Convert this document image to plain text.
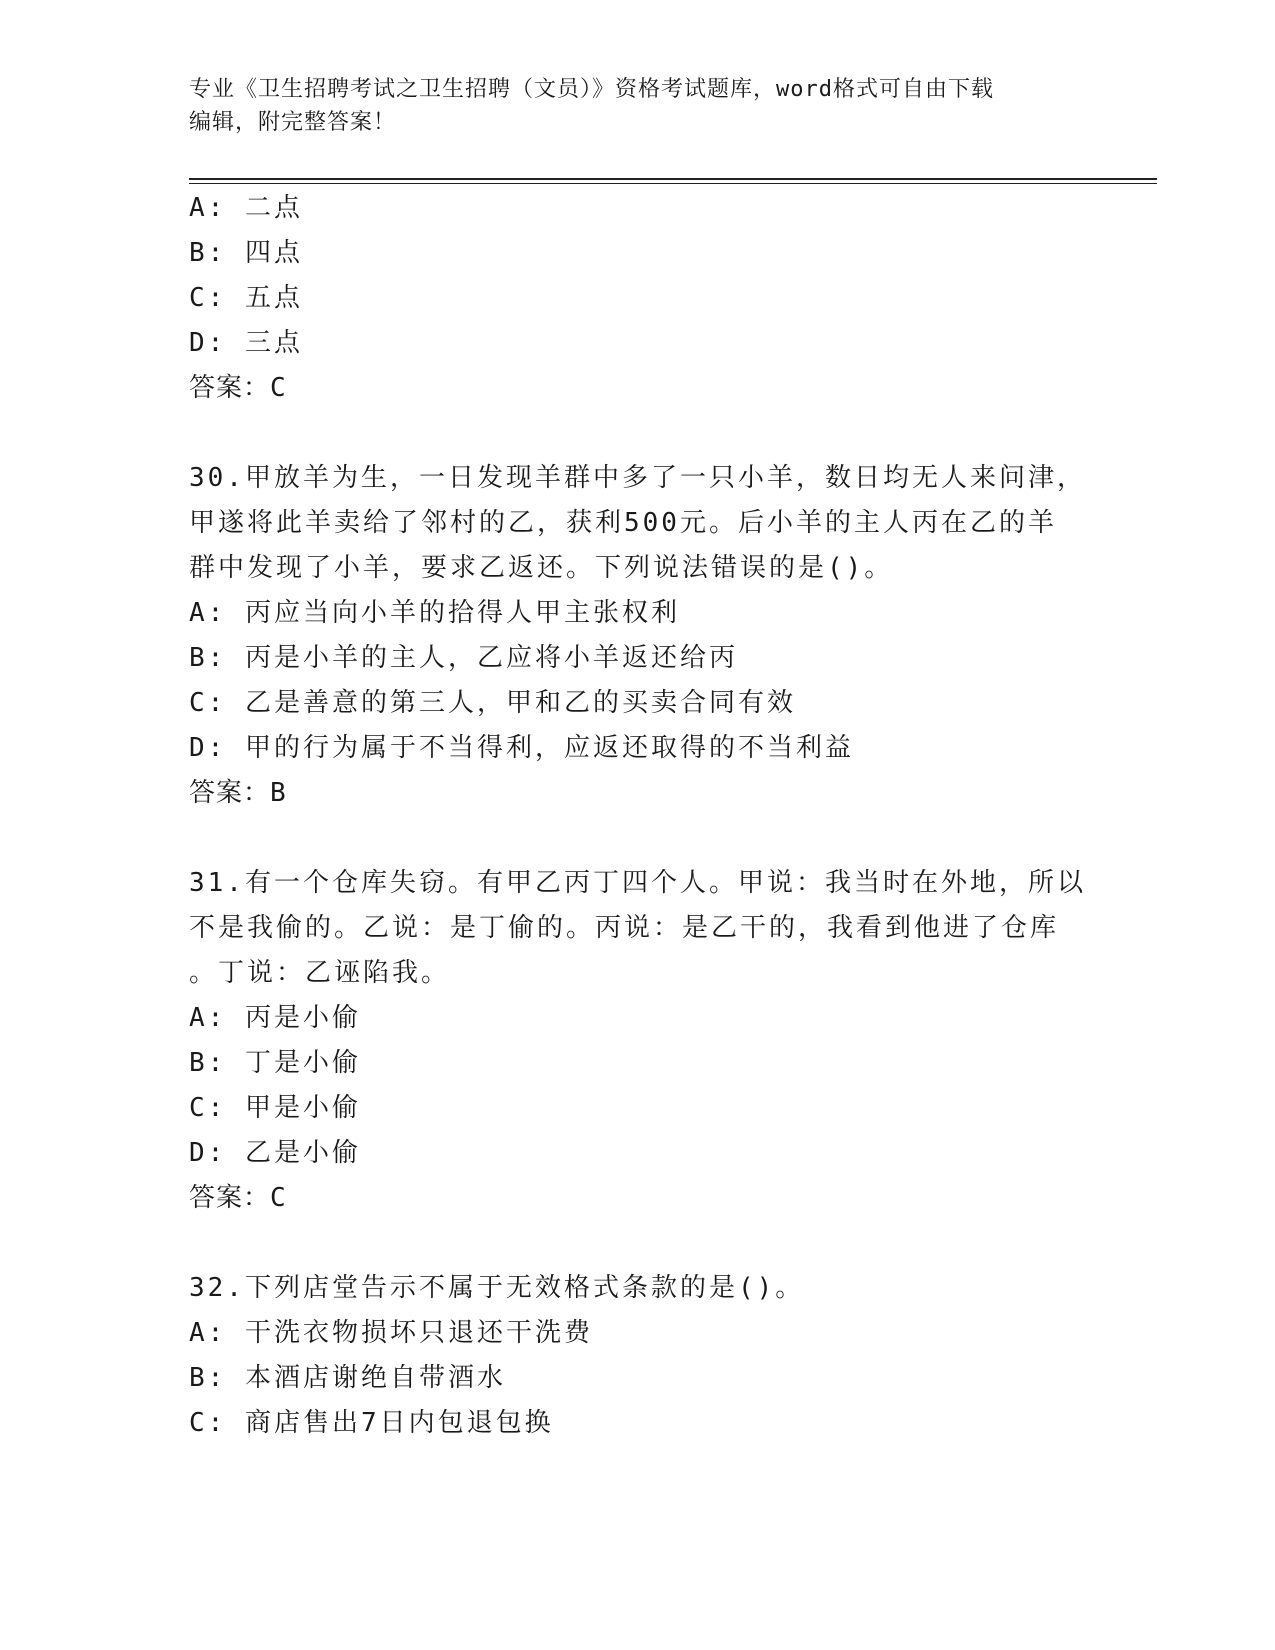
专业《卫生招聘考试之卫生招聘（文员）》资格考试题库，word格式可自由下载
编辑，附完整答案！
A: 二点
B: 四点
C: 五点
D: 三点
答案：C
30.甲放羊为生，一日发现羊群中多了一只小羊，数日均无人来问津，
甲遂将此羊卖给了邻村的乙，获利500元。后小羊的主人丙在乙的羊
群中发现了小羊，要求乙返还。下列说法错误的是()。
A: 丙应当向小羊的拾得人甲主张权利
B: 丙是小羊的主人，乙应将小羊返还给丙
C: 乙是善意的第三人，甲和乙的买卖合同有效
D: 甲的行为属于不当得利，应返还取得的不当利益
答案：B
31.有一个仓库失窃。有甲乙丙丁四个人。甲说：我当时在外地，所以
不是我偷的。乙说：是丁偷的。丙说：是乙干的，我看到他进了仓库
。丁说：乙诬陷我。
A: 丙是小偷
B: 丁是小偷
C: 甲是小偷
D: 乙是小偷
答案：C
32.下列店堂告示不属于无效格式条款的是()。
A: 干洗衣物损坏只退还干洗费
B: 本酒店谢绝自带酒水
C: 商店售出7日内包退包换
